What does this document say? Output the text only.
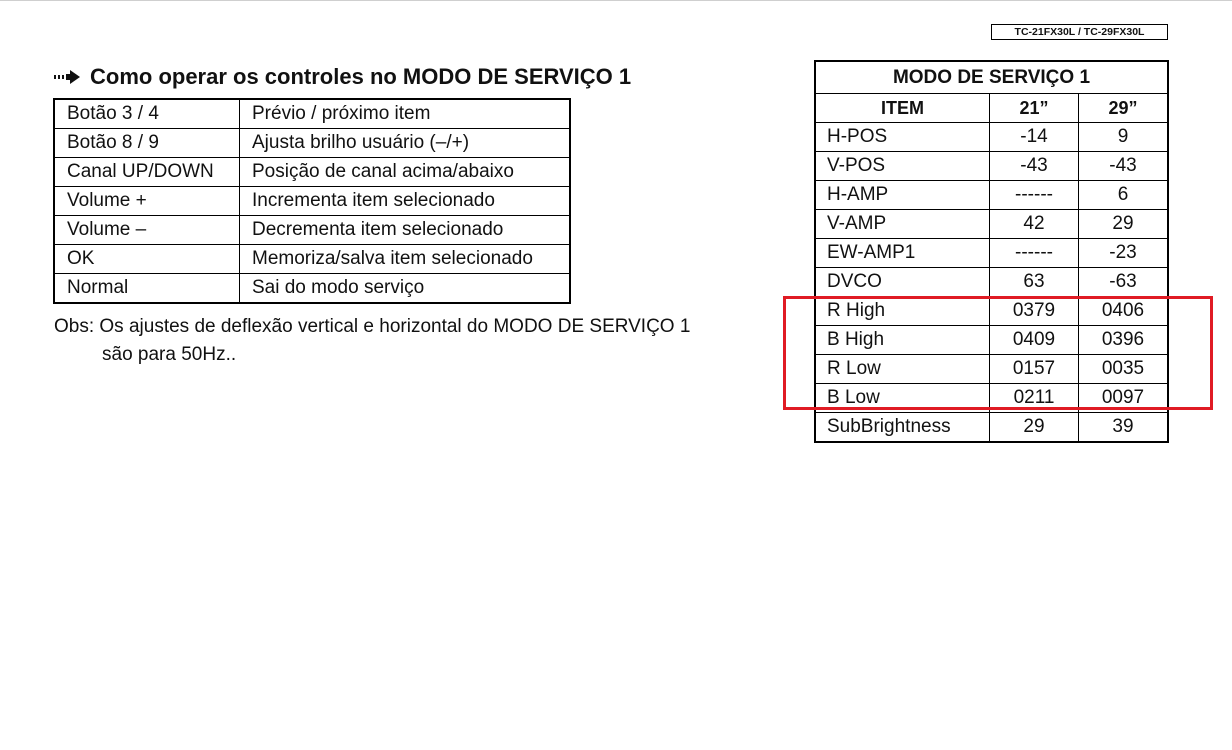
TC-21FX30L / TC-29FX30L
Como operar os controles no MODO DE SERVIÇO 1
Botão 3 / 4	Prévio / próximo item
Botão 8 / 9	Ajusta brilho usuário (–/+)
Canal UP/DOWN	Posição de canal acima/abaixo
Volume +	Incrementa item selecionado
Volume –	Decrementa item selecionado
OK	Memoriza/salva item selecionado
Normal	Sai do modo serviço
Obs: Os ajustes de deflexão vertical e horizontal do MODO DE SERVIÇO 1
são para 50Hz..
MODO DE SERVIÇO 1		
ITEM	21”	29”
H-POS	-14	9
V-POS	-43	-43
H-AMP	------	6
V-AMP	42	29
EW-AMP1	------	-23
DVCO	63	-63
R High	0379	0406
B High	0409	0396
R Low	0157	0035
B Low	0211	0097
SubBrightness	29	39
